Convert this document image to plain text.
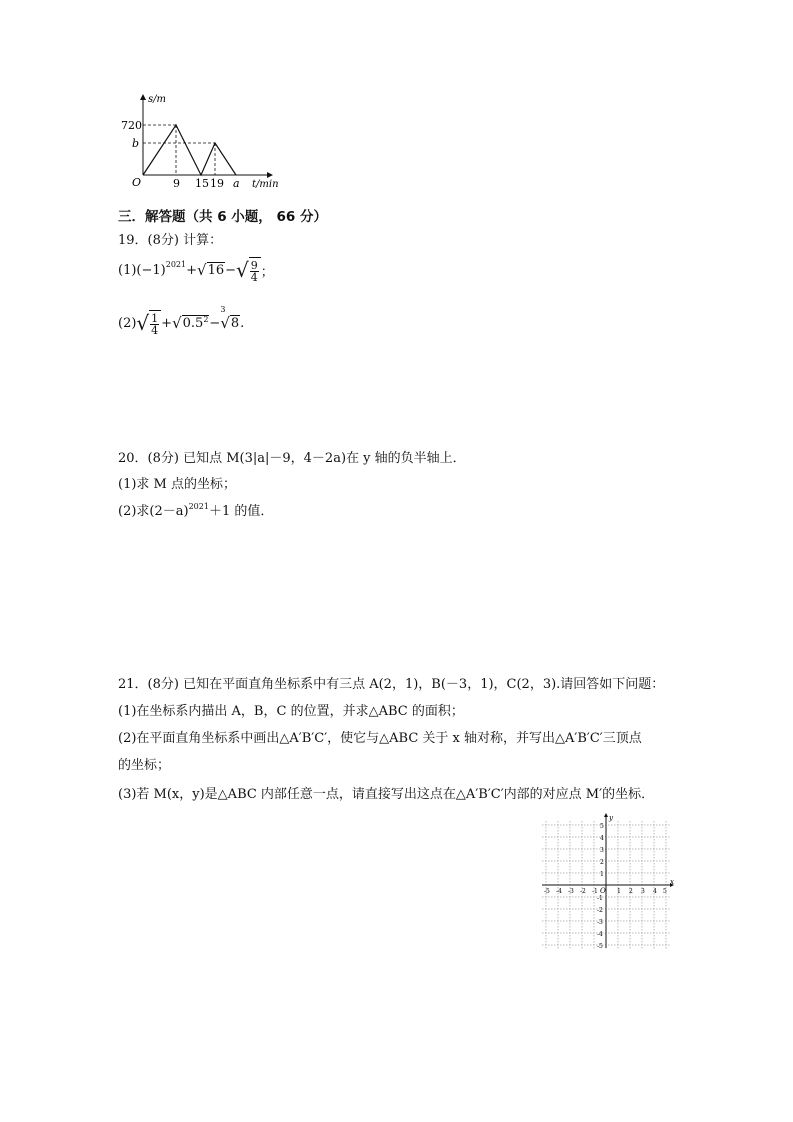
s/m
720
b
O	9 15 19 a t/min
三．解答题（共 6 小题， 66 分）
19．(8分) 计算：
(1)(−1) 2021 + √ 16 − √ $\frac{9}{4}$ ；
(2) √ $\frac{1}{4}$ + √ 0.5 2 −
3
√ 8 .
20．(8分) 已知点 M(3|a|－9，4－2a)在 y 轴的负半轴上．
(1)求 M 点的坐标；
(2)求$(2-a)^{2021}+1$ 的值．
21．(8分) 已知在平面直角坐标系中有三点 A(2，1)，B(－3，1)，C(2，3).请回答如下问题：
(1)在坐标系内描出 A，B，C 的位置，并求△ABC 的面积；
(2)在平面直角坐标系中画出△A′B′C′，使它与△ABC 关于 x 轴对称，并写出△A′B′C′三顶点
的坐标；
(3)若 M(x，y)是△ABC 内部任意一点，请直接写出这点在△A′B′C′内部的对应点 M′的坐标．
x
y
O
-5 -4 -3 -2 -1	1 2 3 4 5
5
4
3
2
1
-1
-2
-3
-4
-5
